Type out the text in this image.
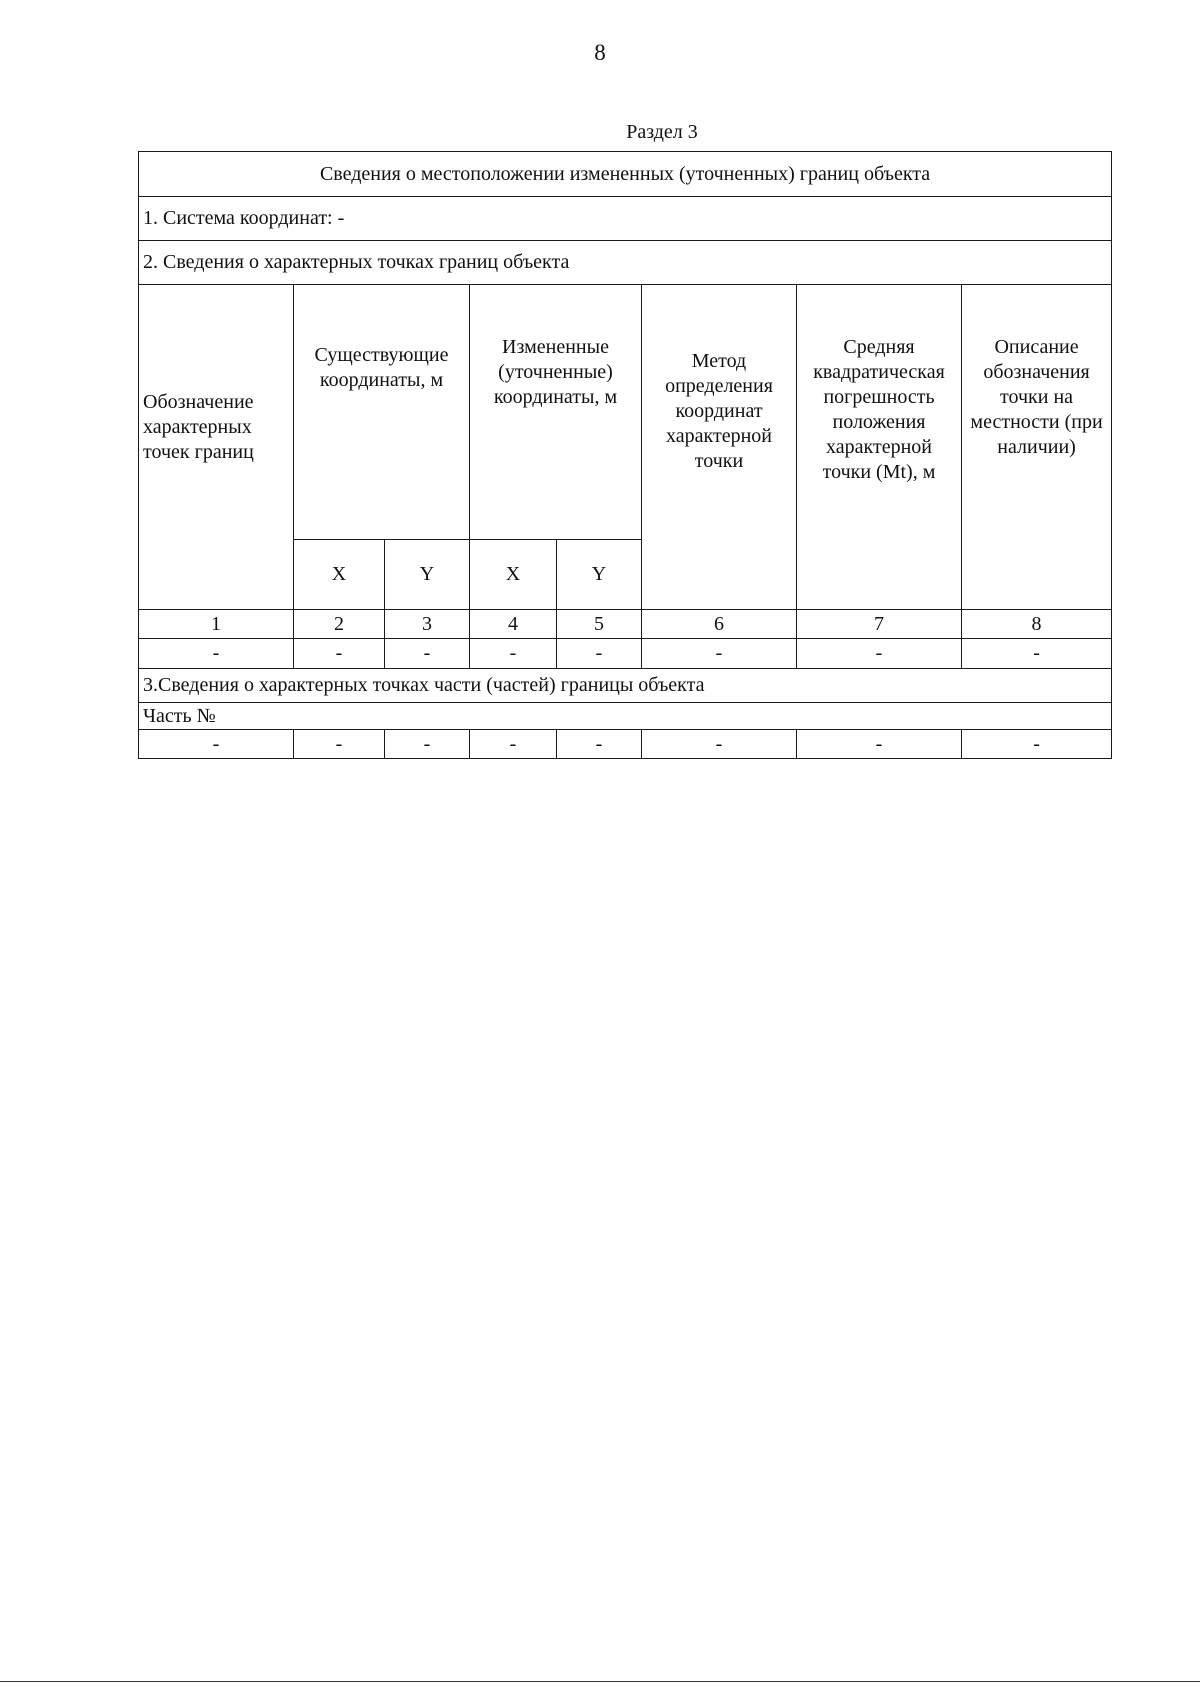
8
Раздел 3
Сведения о местоположении измененных (уточненных) границ объекта							
1. Система координат: -							
2. Сведения о характерных точках границ объекта							
Обозначение характерных точек границ	Существующие координаты, м		Измененные (уточненные) координаты, м		Метод определения координат характерной точки	Средняя квадратическая погрешность положения характерной точки (Mt), м	Описание обозначения точки на местности (при наличии)
	X	Y	X	Y			
1	2	3	4	5	6	7	8
-	-	-	-	-	-	-	-
3.Сведения о характерных точках части (частей) границы объекта							
Часть №							
-	-	-	-	-	-	-	-
